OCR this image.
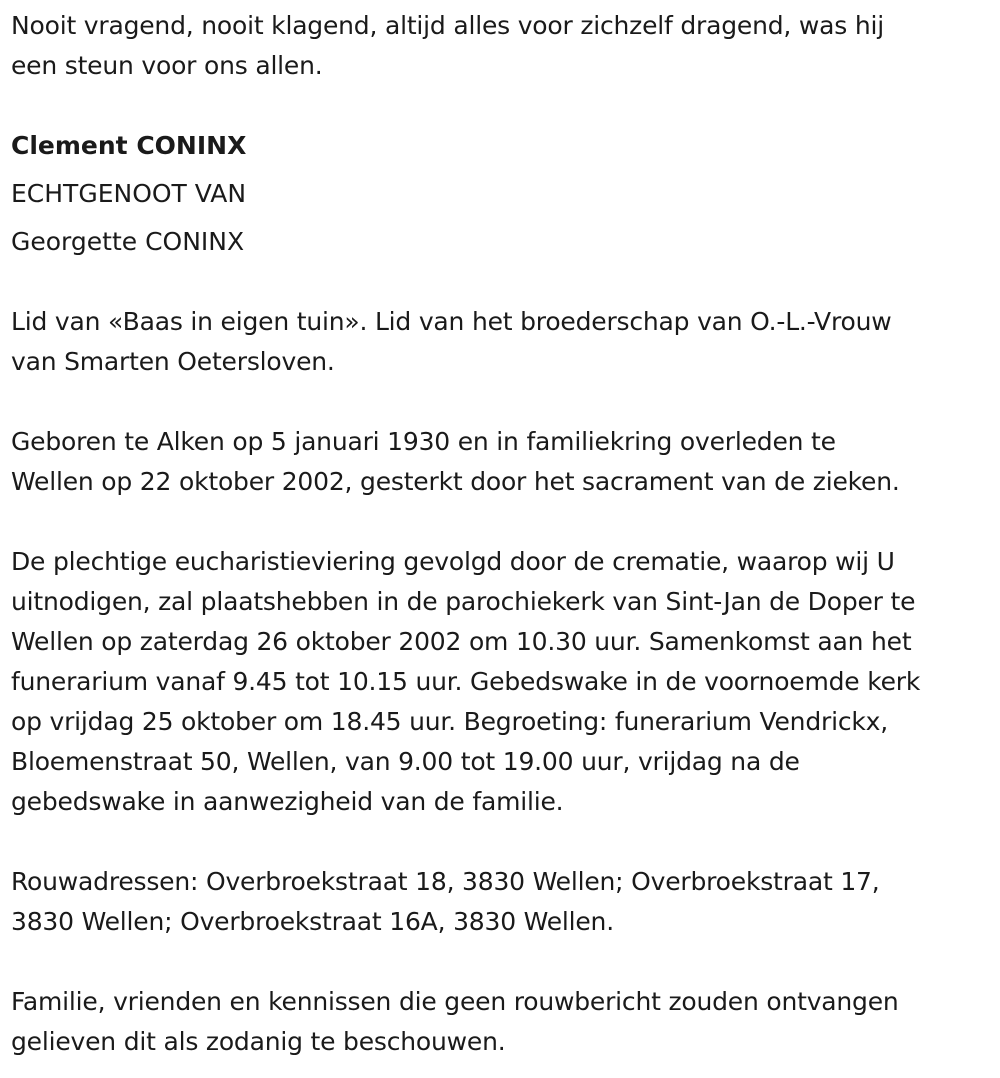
Nooit vragend, nooit klagend, altijd alles voor zichzelf dragend, was hij
een steun voor ons allen.

Clement CONINX

ECHTGENOOT VAN

Georgette CONINX

Lid van «Baas in eigen tuin». Lid van het broederschap van O.-L.-Vrouw
van Smarten Oetersloven.

Geboren te Alken op 5 januari 1930 en in familiekring overleden te
Wellen op 22 oktober 2002, gesterkt door het sacrament van de zieken.

De plechtige eucharistieviering gevolgd door de crematie, waarop wij U
uitnodigen, zal plaatshebben in de parochiekerk van Sint-Jan de Doper te
Wellen op zaterdag 26 oktober 2002 om 10.30 uur. Samenkomst aan het
funerarium vanaf 9.45 tot 10.15 uur. Gebedswake in de voornoemde kerk
op vrijdag 25 oktober om 18.45 uur. Begroeting: funerarium Vendrickx,
Bloemenstraat 50, Wellen, van 9.00 tot 19.00 uur, vrijdag na de
gebedswake in aanwezigheid van de familie.

Rouwadressen: Overbroekstraat 18, 3830 Wellen; Overbroekstraat 17,
3830 Wellen; Overbroekstraat 16A, 3830 Wellen.

Familie, vrienden en kennissen die geen rouwbericht zouden ontvangen
gelieven dit als zodanig te beschouwen.
